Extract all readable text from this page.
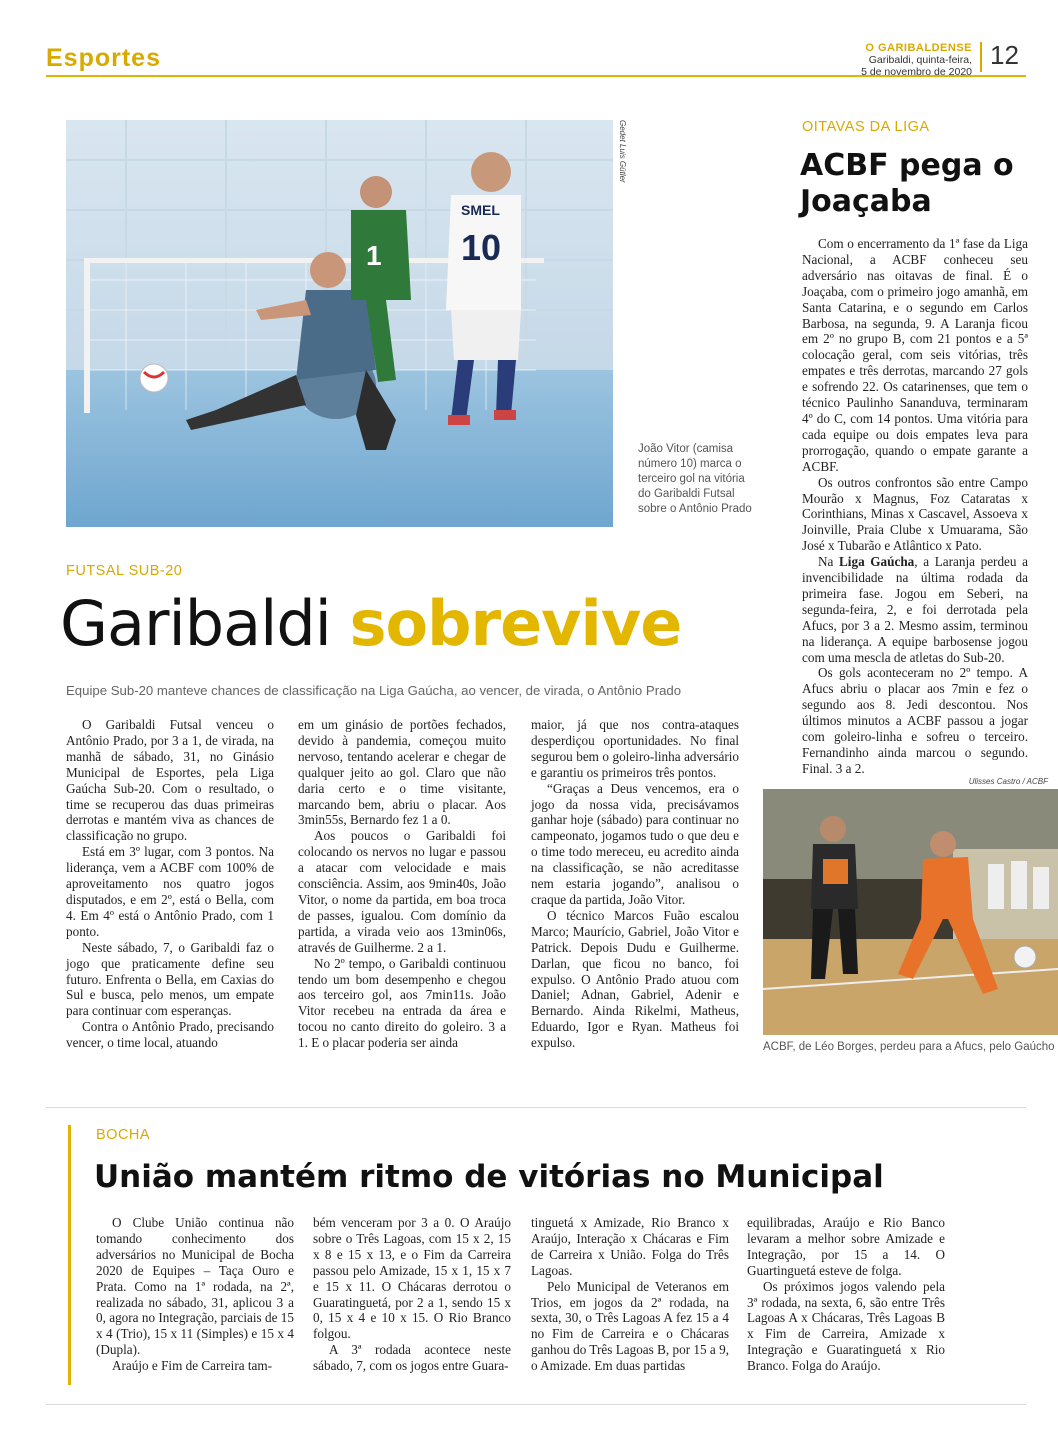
Esportes	O GARIBALDENSE
Garibaldi, quinta-feira,
5 de novembro de 2020
12
1
SMEL
10
Gedet Luis Gütler
João Vitor (camisa número 10) marca o terceiro gol na vitória do Garibaldi Futsal sobre o Antônio Prado
FUTSAL SUB-20
Garibaldi sobrevive
Equipe Sub-20 manteve chances de classificação na Liga Gaúcha, ao vencer, de virada, o Antônio Prado

O Garibaldi Futsal venceu o Antônio Prado, por 3 a 1, de virada, na manhã de sábado, 31, no Ginásio Municipal de Esportes, pela Liga Gaúcha Sub-20. Com o resultado, o time se recuperou das duas primeiras derrotas e mantém viva as chances de classificação no grupo.

Está em 3º lugar, com 3 pontos. Na liderança, vem a ACBF com 100% de aproveitamento nos quatro jogos disputados, e em 2º, está o Bella, com 4. Em 4º está o Antônio Prado, com 1 ponto.

Neste sábado, 7, o Garibaldi faz o jogo que praticamente define seu futuro. Enfrenta o Bella, em Caxias do Sul e busca, pelo menos, um empate para continuar com esperanças.

Contra o Antônio Prado, precisando vencer, o time local, atuando

em um ginásio de portões fechados, devido à pandemia, começou muito nervoso, tentando acelerar e chegar de qualquer jeito ao gol. Claro que não daria certo e o time visitante, marcando bem, abriu o placar. Aos 3min55s, Bernardo fez 1 a 0.

Aos poucos o Garibaldi foi colocando os nervos no lugar e passou a atacar com velocidade e mais consciência. Assim, aos 9min40s, João Vitor, o nome da partida, em boa troca de passes, igualou. Com domínio da partida, a virada veio aos 13min06s, através de Guilherme. 2 a 1.

No 2º tempo, o Garibaldi continuou tendo um bom desempenho e chegou aos terceiro gol, aos 7min11s. João Vitor recebeu na entrada da área e tocou no canto direito do goleiro. 3 a 1. E o placar poderia ser ainda

maior, já que nos contra-ataques desperdiçou oportunidades. No final segurou bem o goleiro-linha adversário e garantiu os primeiros três pontos.

“Graças a Deus vencemos, era o jogo da nossa vida, precisávamos ganhar hoje (sábado) para continuar no campeonato, jogamos tudo o que deu e o time todo mereceu, eu acredito ainda na classificação, se não acreditasse nem estaria jogando”, analisou o craque da partida, João Vitor.

O técnico Marcos Fuão escalou Marco; Maurício, Gabriel, João Vitor e Patrick. Depois Dudu e Guilherme. Darlan, que ficou no banco, foi expulso. O Antônio Prado atuou com Daniel; Adnan, Gabriel, Adenir e Bernardo. Ainda Rikelmi, Matheus, Eduardo, Igor e Ryan. Matheus foi expulso.

OITAVAS DA LIGA
ACBF pega o Joaçaba

Com o encerramento da 1ª fase da Liga Nacional, a ACBF conheceu seu adversário nas oitavas de final. É o Joaçaba, com o primeiro jogo amanhã, em Santa Catarina, e o segundo em Carlos Barbosa, na segunda, 9. A Laranja ficou em 2º no grupo B, com 21 pontos e a 5ª colocação geral, com seis vitórias, três empates e três derrotas, marcando 27 gols e sofrendo 22. Os catarinenses, que tem o técnico Paulinho Sananduva, terminaram 4º do C, com 14 pontos. Uma vitória para cada equipe ou dois empates leva para prorrogação, quando o empate garante a ACBF.

Os outros confrontos são entre Campo Mourão x Magnus, Foz Cataratas x Corinthians, Minas x Cascavel, Assoeva x Joinville, Praia Clube x Umuarama, São José x Tubarão e Atlântico x Pato.

Na Liga Gaúcha, a Laranja perdeu a invencibilidade na última rodada da primeira fase. Jogou em Seberi, na segunda-feira, 2, e foi derrotada pela Afucs, por 3 a 2. Mesmo assim, terminou na liderança. A equipe barbosense jogou com uma mescla de atletas do Sub-20.

Os gols aconteceram no 2º tempo. A Afucs abriu o placar aos 7min e fez o segundo aos 8. Jedi descontou. Nos últimos minutos a ACBF passou a jogar com goleiro-linha e sofreu o terceiro. Fernandinho ainda marcou o segundo. Final. 3 a 2.

Ulisses Castro / ACBF
ACBF, de Léo Borges, perdeu para a Afucs, pelo Gaúcho
BOCHA
União mantém ritmo de vitórias no Municipal

O Clube União continua não tomando conhecimento dos adversários no Municipal de Bocha 2020 de Equipes – Taça Ouro e Prata. Como na 1ª rodada, na 2ª, realizada no sábado, 31, aplicou 3 a 0, agora no Integração, parciais de 15 x 4 (Trio), 15 x 11 (Simples) e 15 x 4 (Dupla).

Araújo e Fim de Carreira tam-

bém venceram por 3 a 0. O Araújo sobre o Três Lagoas, com 15 x 2, 15 x 8 e 15 x 13, e o Fim da Carreira passou pelo Amizade, 15 x 1, 15 x 7 e 15 x 11. O Chácaras derrotou o Guaratinguetá, por 2 a 1, sendo 15 x 0, 15 x 4 e 10 x 15. O Rio Branco folgou.

A 3ª rodada acontece neste sábado, 7, com os jogos entre Guara-

tinguetá x Amizade, Rio Branco x Araújo, Interação x Chácaras e Fim de Carreira x União. Folga do Três Lagoas.

Pelo Municipal de Veteranos em Trios, em jogos da 2ª rodada, na sexta, 30, o Três Lagoas A fez 15 a 4 no Fim de Carreira e o Chácaras ganhou do Três Lagoas B, por 15 a 9, o Amizade. Em duas partidas

equilibradas, Araújo e Rio Banco levaram a melhor sobre Amizade e Integração, por 15 a 14. O Guartinguetá esteve de folga.

Os próximos jogos valendo pela 3ª rodada, na sexta, 6, são entre Três Lagoas A x Chácaras, Três Lagoas B x Fim de Carreira, Amizade x Integração e Guaratinguetá x Rio Branco. Folga do Araújo.
